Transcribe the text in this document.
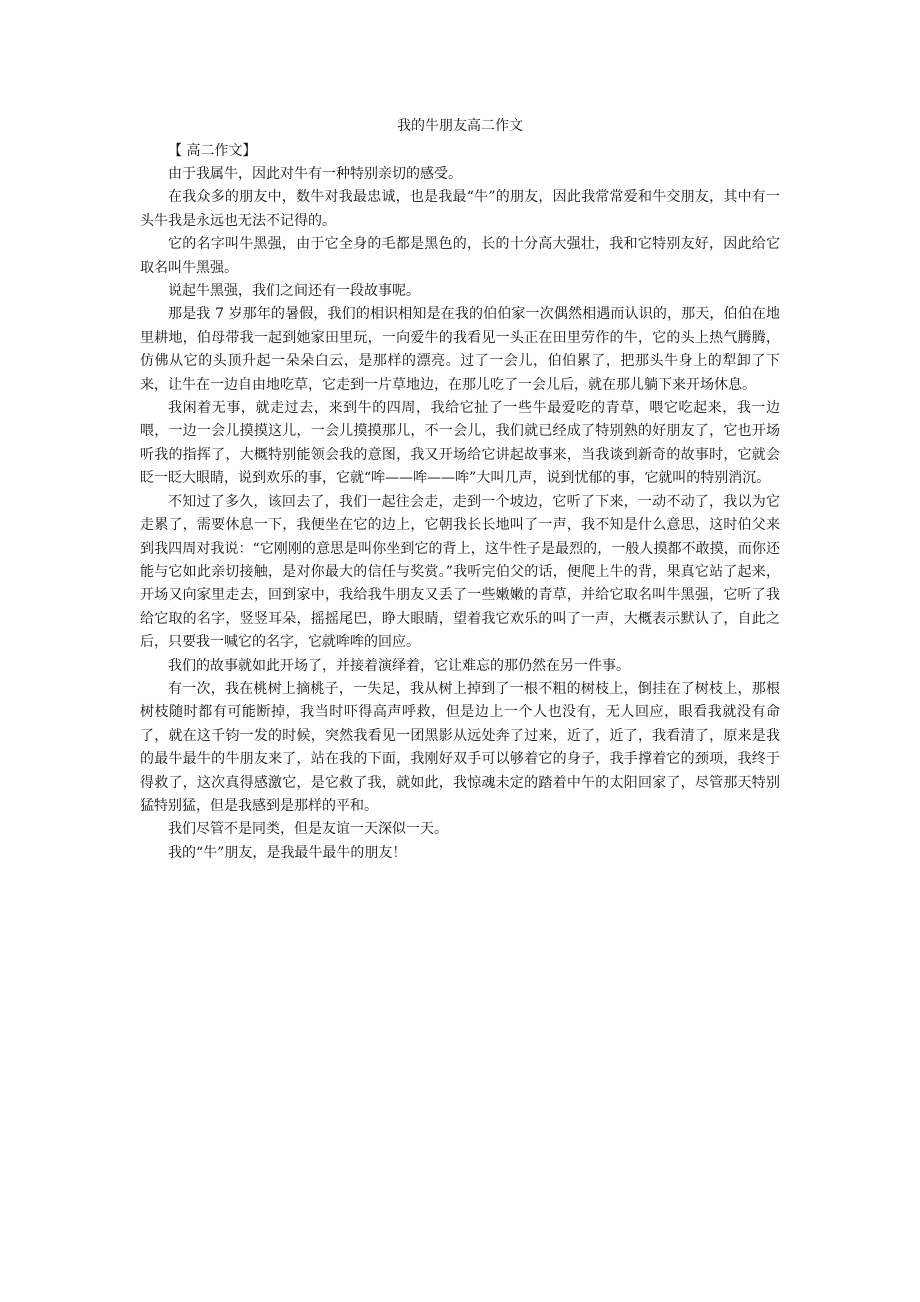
我的牛朋友高二作文
【 高二作文】

由于我属牛，因此对牛有一种特别亲切的感受。

在我众多的朋友中，数牛对我最忠诚，也是我最“牛”的朋友，因此我常常爱和牛交朋友，其中有一头牛我是永远也无法不记得的。

它的名字叫牛黑强，由于它全身的毛都是黑色的，长的十分高大强壮，我和它特别友好，因此给它取名叫牛黑强。

说起牛黑强，我们之间还有一段故事呢。

那是我 7 岁那年的暑假，我们的相识相知是在我的伯伯家一次偶然相遇而认识的，那天，伯伯在地里耕地，伯母带我一起到她家田里玩，一向爱牛的我看见一头正在田里劳作的牛，它的头上热气腾腾，仿佛从它的头顶升起一朵朵白云，是那样的漂亮。过了一会儿，伯伯累了，把那头牛身上的犁卸了下来，让牛在一边自由地吃草，它走到一片草地边，在那儿吃了一会儿后，就在那儿躺下来开场休息。

我闲着无事，就走过去，来到牛的四周，我给它扯了一些牛最爱吃的青草，喂它吃起来，我一边喂，一边一会儿摸摸这儿，一会儿摸摸那儿，不一会儿，我们就已经成了特别熟的好朋友了，它也开场听我的指挥了，大概特别能领会我的意图，我又开场给它讲起故事来，当我谈到新奇的故事时，它就会眨一眨大眼睛，说到欢乐的事，它就“哞——哞——哞”大叫几声，说到忧郁的事，它就叫的特别消沉。

不知过了多久，该回去了，我们一起往会走，走到一个坡边，它听了下来，一动不动了，我以为它走累了，需要休息一下，我便坐在它的边上，它朝我长长地叫了一声，我不知是什么意思，这时伯父来到我四周对我说：“它刚刚的意思是叫你坐到它的背上，这牛性子是最烈的，一般人摸都不敢摸，而你还能与它如此亲切接触，是对你最大的信任与奖赏。”我听完伯父的话，便爬上牛的背，果真它站了起来，开场又向家里走去，回到家中，我给我牛朋友又丢了一些嫩嫩的青草，并给它取名叫牛黑强，它听了我给它取的名字，竖竖耳朵，摇摇尾巴，睁大眼睛，望着我它欢乐的叫了一声，大概表示默认了，自此之后，只要我一喊它的名字，它就哞哞的回应。

我们的故事就如此开场了，并接着演绎着，它让难忘的那仍然在另一件事。

有一次，我在桃树上摘桃子，一失足，我从树上掉到了一根不粗的树枝上，倒挂在了树枝上，那根树枝随时都有可能断掉，我当时吓得高声呼救，但是边上一个人也没有，无人回应，眼看我就没有命了，就在这千钧一发的时候，突然我看见一团黑影从远处奔了过来，近了，近了，我看清了，原来是我的最牛最牛的牛朋友来了，站在我的下面，我刚好双手可以够着它的身子，我手撑着它的颈项，我终于得救了，这次真得感激它，是它救了我，就如此，我惊魂未定的踏着中午的太阳回家了，尽管那天特别猛特别猛，但是我感到是那样的平和。

我们尽管不是同类，但是友谊一天深似一天。

我的“牛”朋友，是我最牛最牛的朋友！
